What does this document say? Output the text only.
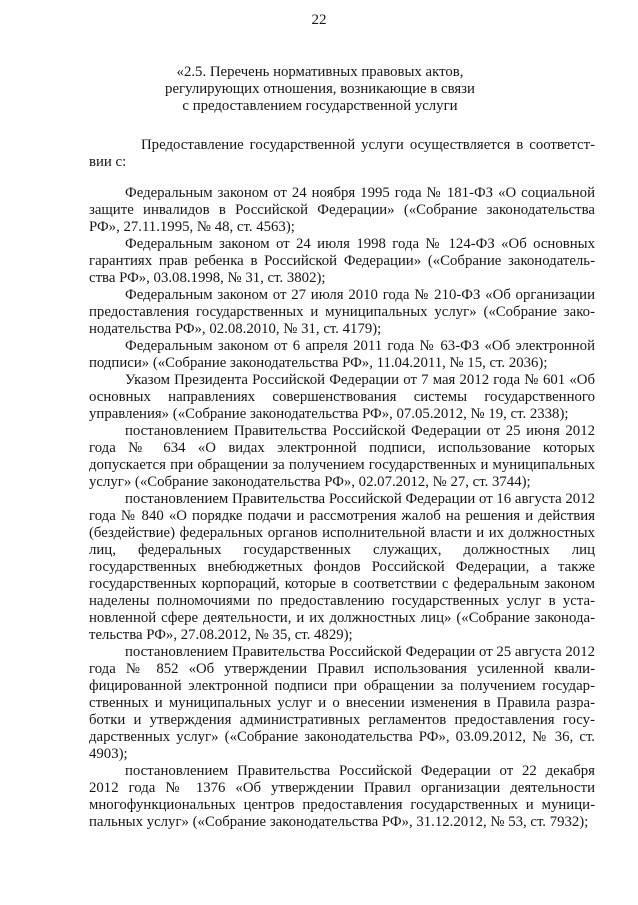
22
«2.5. Перечень нормативных правовых актов,
регулирующих отношения, возникающие в связи
с предоставлением государственной услуги

Предоставление государственной услуги осуществляется в соответствии с:

Федеральным законом от 24 ноября 1995 года № 181-ФЗ «О социальной защите инвалидов в Российской Федерации» («Собрание законодательства РФ», 27.11.1995, № 48, ст. 4563);

Федеральным законом от 24 июля 1998 года № 124-ФЗ «Об основных гарантиях прав ребенка в Российской Федерации» («Собрание законодательства РФ», 03.08.1998, № 31, ст. 3802);

Федеральным законом от 27 июля 2010 года № 210-ФЗ «Об организации предоставления государственных и муниципальных услуг» («Собрание законодательства РФ», 02.08.2010, № 31, ст. 4179);

Федеральным законом от 6 апреля 2011 года № 63-ФЗ «Об электронной подписи» («Собрание законодательства РФ», 11.04.2011, № 15, ст. 2036);

Указом Президента Российской Федерации от 7 мая 2012 года № 601 «Об основных направлениях совершенствования системы государственного управления» («Собрание законодательства РФ», 07.05.2012, № 19, ст. 2338);

постановлением Правительства Российской Федерации от 25 июня 2012 года № 634 «О видах электронной подписи, использование которых допускается при обращении за получением государственных и муниципальных услуг» («Собрание законодательства РФ», 02.07.2012, № 27, ст. 3744);

постановлением Правительства Российской Федерации от 16 августа 2012 года № 840 «О порядке подачи и рассмотрения жалоб на решения и действия (бездействие) федеральных органов исполнительной власти и их должностных лиц, федеральных государственных служащих, должностных лиц государственных внебюджетных фондов Российской Федерации, а также государственных корпораций, которые в соответствии с федеральным законом наделены полномочиями по предоставлению государственных услуг в установленной сфере деятельности, и их должностных лиц» («Собрание законодательства РФ», 27.08.2012, № 35, ст. 4829);

постановлением Правительства Российской Федерации от 25 августа 2012 года № 852 «Об утверждении Правил использования усиленной квалифицированной электронной подписи при обращении за получением государственных и муниципальных услуг и о внесении изменения в Правила разработки и утверждения административных регламентов предоставления государственных услуг» («Собрание законодательства РФ», 03.09.2012, № 36, ст. 4903);

постановлением Правительства Российской Федерации от 22 декабря 2012 года № 1376 «Об утверждении Правил организации деятельности многофункциональных центров предоставления государственных и муниципальных услуг» («Собрание законодательства РФ», 31.12.2012, № 53, ст. 7932);
